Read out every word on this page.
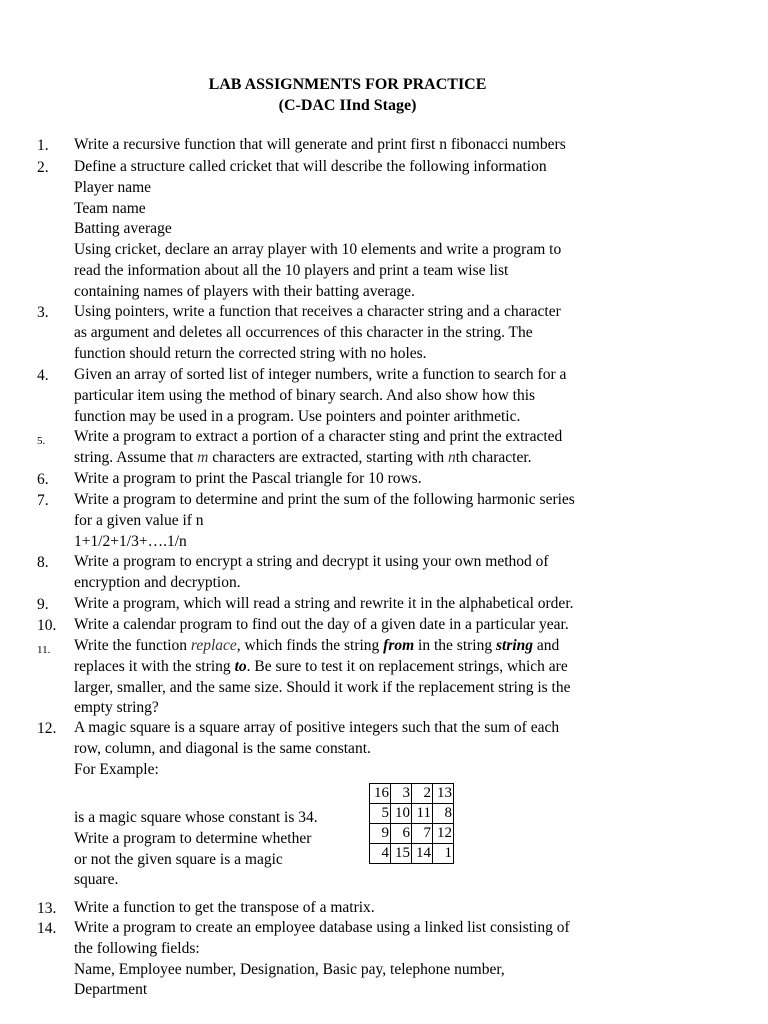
LAB ASSIGNMENTS FOR PRACTICE
(C-DAC IInd Stage)
1. Write a recursive function that will generate and print first n fibonacci numbers
2. Define a structure called cricket that will describe the following information
Player name
Team name
Batting average
Using cricket, declare an array player with 10 elements and write a program to
read the information about all the 10 players and print a team wise list
containing names of players with their batting average.
3. Using pointers, write a function that receives a character string and a character
as argument and deletes all occurrences of this character in the string. The
function should return the corrected string with no holes.
4. Given an array of sorted list of integer numbers, write a function to search for a
particular item using the method of binary search. And also show how this
function may be used in a program. Use pointers and pointer arithmetic.
5. Write a program to extract a portion of a character sting and print the extracted
string. Assume that m characters are extracted, starting with nth character.
6. Write a program to print the Pascal triangle for 10 rows.
7. Write a program to determine and print the sum of the following harmonic series
for a given value if n
1+1/2+1/3+….1/n
8. Write a program to encrypt a string and decrypt it using your own method of
encryption and decryption.
9. Write a program, which will read a string and rewrite it in the alphabetical order.
10. Write a calendar program to find out the day of a given date in a particular year.
11. Write the function replace, which finds the string from in the string string and
replaces it with the string to. Be sure to test it on replacement strings, which are
larger, smaller, and the same size. Should it work if the replacement string is the
empty string?
12. A magic square is a square array of positive integers such that the sum of each
row, column, and diagonal is the same constant.
For Example:
is a magic square whose constant is 34.
Write a program to determine whether
or not the given square is a magic
square.
16	3	2	13
5	10	11	8
9	6	7	12
4	15	14	1
13. Write a function to get the transpose of a matrix.
14. Write a program to create an employee database using a linked list consisting of
the following fields:
Name, Employee number, Designation, Basic pay, telephone number,
Department
